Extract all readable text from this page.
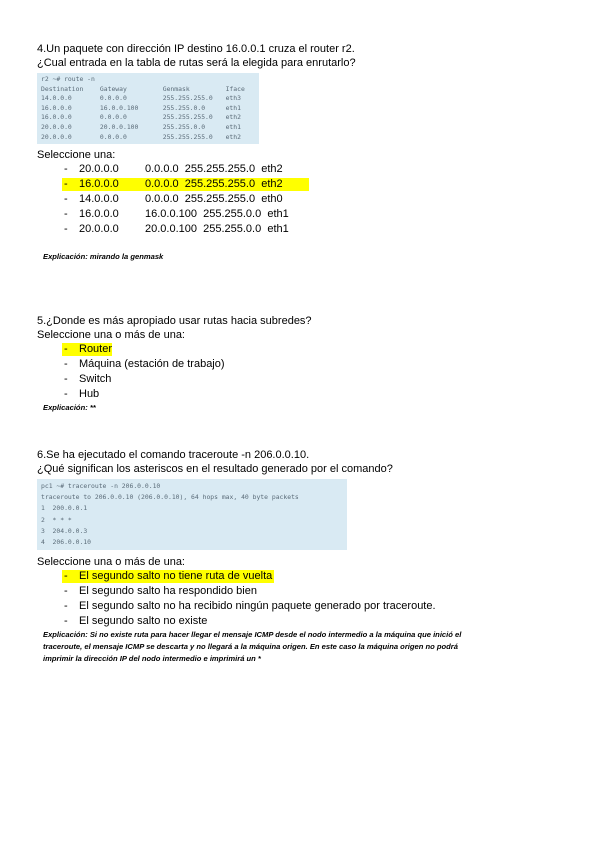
4.Un paquete con dirección IP destino 16.0.0.1 cruza el router r2.
¿Cual entrada en la tabla de rutas será la elegida para enrutarlo?
r2 ~# route -n
Destination	Gateway	Genmask	Iface
14.0.0.0	0.0.0.0	255.255.255.0	eth3
16.0.0.0	16.0.0.100	255.255.0.0	eth1
16.0.0.0	0.0.0.0	255.255.255.0	eth2
20.0.0.0	20.0.0.100	255.255.0.0	eth1
20.0.0.0	0.0.0.0	255.255.255.0	eth2
Seleccione una:
- 20.0.0.0 0.0.0.0  255.255.255.0  eth2
- 16.0.0.0 0.0.0.0  255.255.255.0  eth2
- 14.0.0.0 0.0.0.0  255.255.255.0  eth0
- 16.0.0.0 16.0.0.100  255.255.0.0  eth1
- 20.0.0.0 20.0.0.100  255.255.0.0  eth1
Explicación: mirando la genmask
5.¿Donde es más apropiado usar rutas hacia subredes?
Seleccione una o más de una:
- Router
- Máquina (estación de trabajo)
- Switch
- Hub
Explicación: **
6.Se ha ejecutado el comando traceroute -n 206.0.0.10.
¿Qué significan los asteriscos en el resultado generado por el comando?
pc1 ~# traceroute -n 206.0.0.10
traceroute to 206.0.0.10 (206.0.0.10), 64 hops max, 40 byte packets
1  200.0.0.1
2  * * *
3  204.0.0.3
4  206.0.0.10
Seleccione una o más de una:
- El segundo salto no tiene ruta de vuelta
- El segundo salto ha respondido bien
- El segundo salto no ha recibido ningún paquete generado por traceroute.
- El segundo salto no existe
Explicación: Si no existe ruta para hacer llegar el mensaje ICMP desde el nodo intermedio a la máquina que inició el
traceroute, el mensaje ICMP se descarta y no llegará a la máquina origen. En este caso la máquina origen no podrá
imprimir la dirección IP del nodo intermedio e imprimirá un *
